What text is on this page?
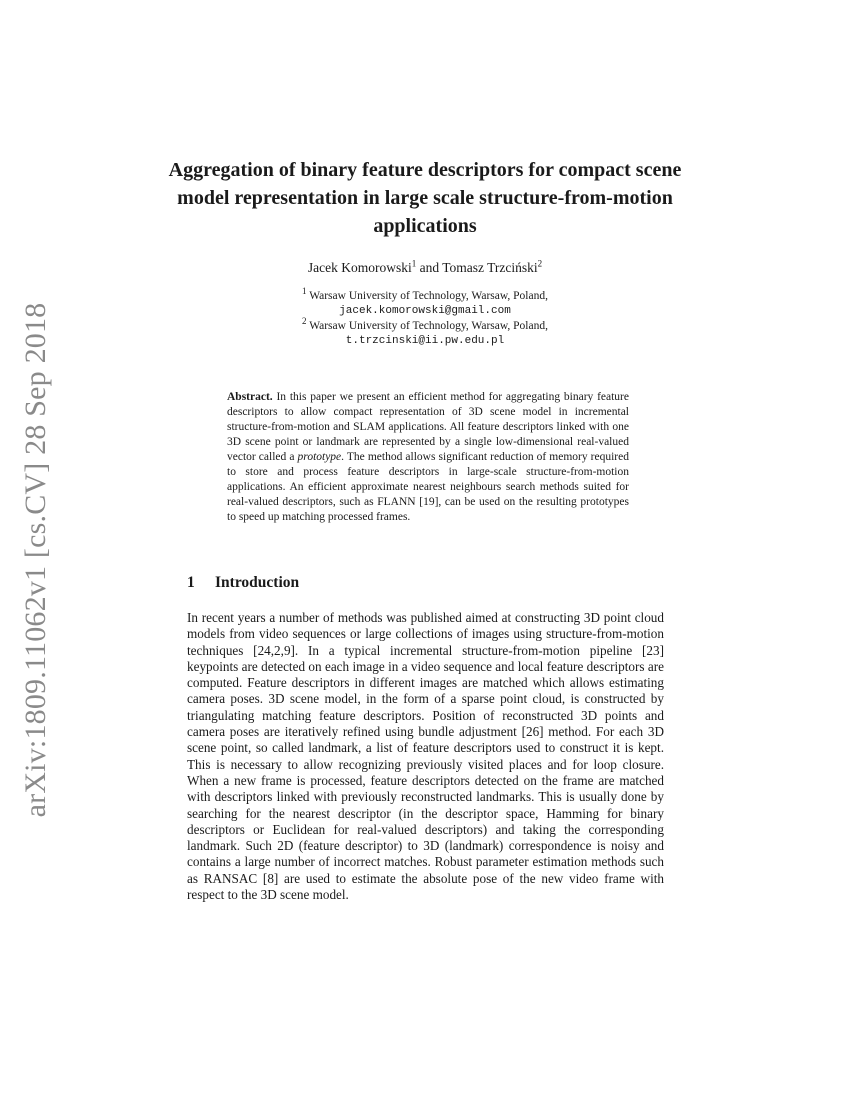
arXiv:1809.11062v1 [cs.CV] 28 Sep 2018
Aggregation of binary feature descriptors for compact scene model representation in large scale structure-from-motion applications
Jacek Komorowski$^1$ and Tomasz Trzciński$^2$
$^1$ Warsaw University of Technology, Warsaw, Poland,
jacek.komorowski@gmail.com
$^2$ Warsaw University of Technology, Warsaw, Poland,
t.trzcinski@ii.pw.edu.pl
Abstract. In this paper we present an efficient method for aggregating binary feature descriptors to allow compact representation of 3D scene model in incremental structure-from-motion and SLAM applications. All feature descriptors linked with one 3D scene point or landmark are represented by a single low-dimensional real-valued vector called a prototype. The method allows significant reduction of memory required to store and process feature descriptors in large-scale structure-from-motion applications. An efficient approximate nearest neighbours search methods suited for real-valued descriptors, such as FLANN [19], can be used on the resulting prototypes to speed up matching processed frames.
1 Introduction
In recent years a number of methods was published aimed at constructing 3D point cloud models from video sequences or large collections of images using structure-from-motion techniques [24,2,9]. In a typical incremental structure-from-motion pipeline [23] keypoints are detected on each image in a video sequence and local feature descriptors are computed. Feature descriptors in different images are matched which allows estimating camera poses. 3D scene model, in the form of a sparse point cloud, is constructed by triangulating matching feature descriptors. Position of reconstructed 3D points and camera poses are iteratively refined using bundle adjustment [26] method. For each 3D scene point, so called landmark, a list of feature descriptors used to construct it is kept. This is necessary to allow recognizing previously visited places and for loop closure. When a new frame is processed, feature descriptors detected on the frame are matched with descriptors linked with previously reconstructed landmarks. This is usually done by searching for the nearest descriptor (in the descriptor space, Hamming for binary descriptors or Euclidean for real-valued descriptors) and taking the corresponding landmark. Such 2D (feature descriptor) to 3D (landmark) correspondence is noisy and contains a large number of incorrect matches. Robust parameter estimation methods such as RANSAC [8] are used to estimate the absolute pose of the new video frame with respect to the 3D scene model.
